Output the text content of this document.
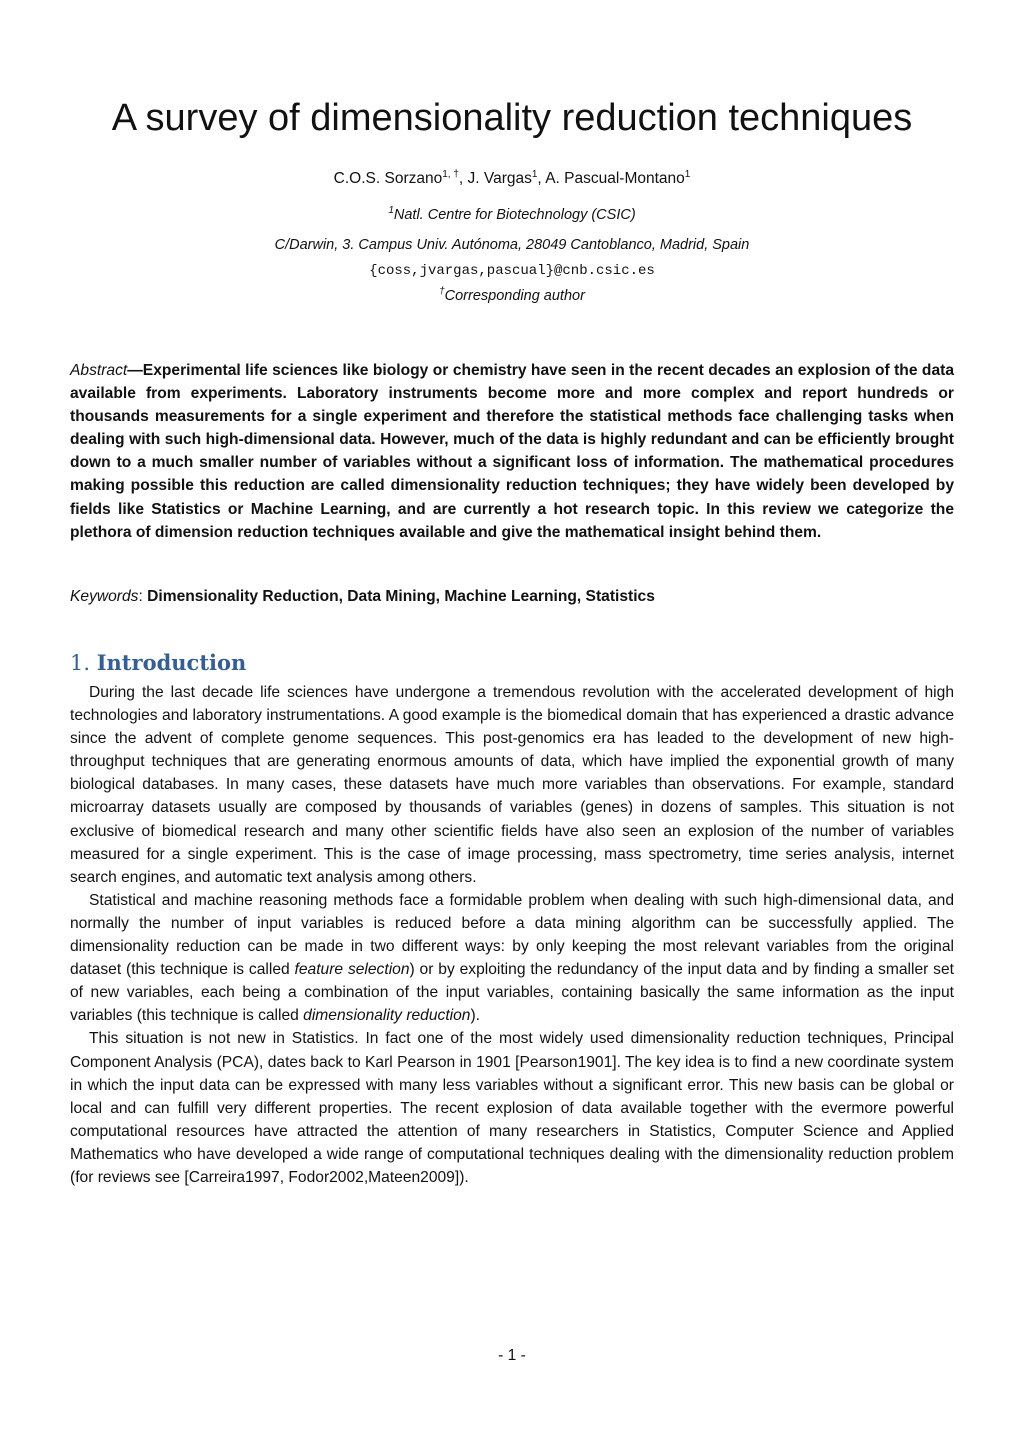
A survey of dimensionality reduction techniques
C.O.S. Sorzano$^{1, \dagger}$, J. Vargas$^1$, A. Pascual-Montano$^1$
$^1$Natl. Centre for Biotechnology (CSIC)
C/Darwin, 3. Campus Univ. Autónoma, 28049 Cantoblanco, Madrid, Spain
{coss,jvargas,pascual}@cnb.csic.es
†Corresponding author

Abstract—Experimental life sciences like biology or chemistry have seen in the recent decades an explosion of the data available from experiments. Laboratory instruments become more and more complex and report hundreds or thousands measurements for a single experiment and therefore the statistical methods face challenging tasks when dealing with such high-dimensional data. However, much of the data is highly redundant and can be efficiently brought down to a much smaller number of variables without a significant loss of information. The mathematical procedures making possible this reduction are called dimensionality reduction techniques; they have widely been developed by fields like Statistics or Machine Learning, and are currently a hot research topic. In this review we categorize the plethora of dimension reduction techniques available and give the mathematical insight behind them.

Keywords: Dimensionality Reduction, Data Mining, Machine Learning, Statistics

1. Introduction

During the last decade life sciences have undergone a tremendous revolution with the accelerated development of high technologies and laboratory instrumentations. A good example is the biomedical domain that has experienced a drastic advance since the advent of complete genome sequences. This post-genomics era has leaded to the development of new high-throughput techniques that are generating enormous amounts of data, which have implied the exponential growth of many biological databases. In many cases, these datasets have much more variables than observations. For example, standard microarray datasets usually are composed by thousands of variables (genes) in dozens of samples. This situation is not exclusive of biomedical research and many other scientific fields have also seen an explosion of the number of variables measured for a single experiment. This is the case of image processing, mass spectrometry, time series analysis, internet search engines, and automatic text analysis among others.

Statistical and machine reasoning methods face a formidable problem when dealing with such high-dimensional data, and normally the number of input variables is reduced before a data mining algorithm can be successfully applied. The dimensionality reduction can be made in two different ways: by only keeping the most relevant variables from the original dataset (this technique is called feature selection) or by exploiting the redundancy of the input data and by finding a smaller set of new variables, each being a combination of the input variables, containing basically the same information as the input variables (this technique is called dimensionality reduction).

This situation is not new in Statistics. In fact one of the most widely used dimensionality reduction techniques, Principal Component Analysis (PCA), dates back to Karl Pearson in 1901 [Pearson1901]. The key idea is to find a new coordinate system in which the input data can be expressed with many less variables without a significant error. This new basis can be global or local and can fulfill very different properties. The recent explosion of data available together with the evermore powerful computational resources have attracted the attention of many researchers in Statistics, Computer Science and Applied Mathematics who have developed a wide range of computational techniques dealing with the dimensionality reduction problem (for reviews see [Carreira1997, Fodor2002,Mateen2009]).

- 1 -
